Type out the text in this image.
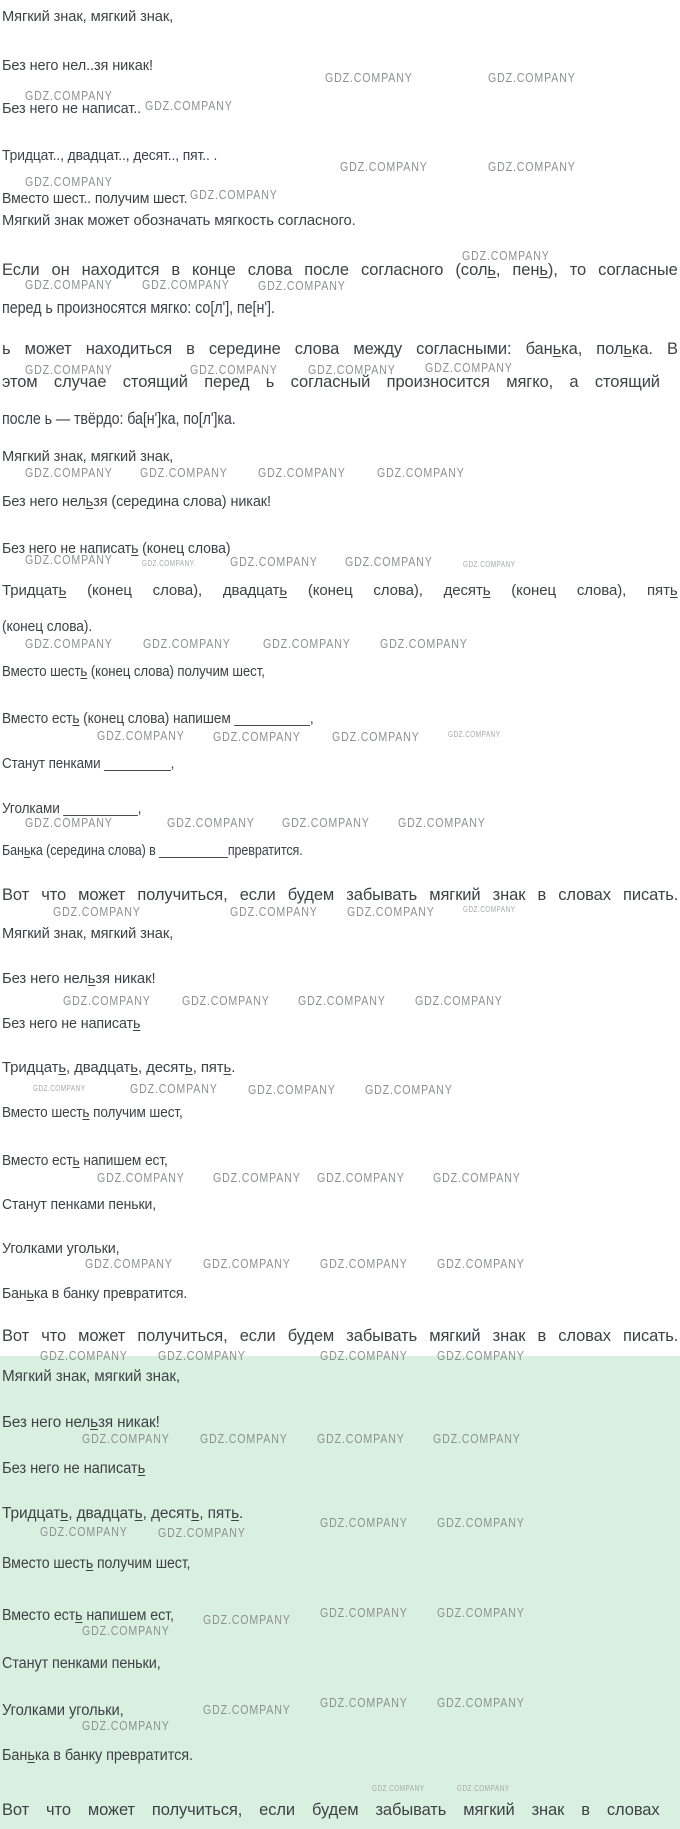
GDZ.COMPANY	GDZ.COMPANY
GDZ.COMPANY
GDZ.COMPANY
GDZ.COMPANY	GDZ.COMPANY
GDZ.COMPANY
GDZ.COMPANY
GDZ.COMPANY
GDZ.COMPANY GDZ.COMPANY GDZ.COMPANY
GDZ.COMPANY	GDZ.COMPANY GDZ.COMPANY GDZ.COMPANY
GDZ.COMPANY GDZ.COMPANY GDZ.COMPANY	GDZ.COMPANY
GDZ.COMPANY	GDZ.COMPANY	GDZ.COMPANY GDZ.COMPANY	GDZ.COMPANY
GDZ.COMPANY GDZ.COMPANY	GDZ.COMPANY GDZ.COMPANY
GDZ.COMPANY GDZ.COMPANY	GDZ.COMPANY	GDZ.COMPANY
GDZ.COMPANY	GDZ.COMPANY GDZ.COMPANY GDZ.COMPANY
GDZ.COMPANY	GDZ.COMPANY GDZ.COMPANY	GDZ.COMPANY
GDZ.COMPANY	GDZ.COMPANY GDZ.COMPANY GDZ.COMPANY
GDZ.COMPANY	GDZ.COMPANY GDZ.COMPANY GDZ.COMPANY
GDZ.COMPANY GDZ.COMPANY GDZ.COMPANY GDZ.COMPANY
GDZ.COMPANY GDZ.COMPANY GDZ.COMPANY GDZ.COMPANY
GDZ.COMPANY GDZ.COMPANY	GDZ.COMPANY GDZ.COMPANY
GDZ.COMPANY GDZ.COMPANY GDZ.COMPANY GDZ.COMPANY
GDZ.COMPANY GDZ.COMPANY
GDZ.COMPANY GDZ.COMPANY
GDZ.COMPANY GDZ.COMPANY GDZ.COMPANY
GDZ.COMPANY
GDZ.COMPANY GDZ.COMPANY GDZ.COMPANY
GDZ.COMPANY
GDZ.COMPANY	GDZ.COMPANY
Мягкий знак, мягкий знак,
Без него нел..зя никак!
Без него не написат..
Тридцат.., двадцат.., десят.., пят.. .
Вместо шест.. получим шест.
Мягкий знак может обозначать мягкость согласного.
Если он находится в конце слова после согласного (соль, пень), то согласные
перед ь произносятся мягко: со[л'], пе[н'].
ь может находиться в середине слова между согласными: банька, полька. В
этом случае стоящий перед ь согласный произносится мягко, а стоящий
после ь — твёрдо: ба[н']ка, по[л']ка.
Мягкий знак, мягкий знак,
Без него нельзя (середина слова) никак!
Без него не написать (конец слова)
Тридцать (конец слова), двадцать (конец слова), десять (конец слова), пять
(конец слова).
Вместо шесть (конец слова) получим шест,
Вместо есть (конец слова) напишем __________,
Станут пенками _________,
Уголками __________,
Банька (середина слова) в __________превратится.
Вот что может получиться, если будем забывать мягкий знак в словах писать.
Мягкий знак, мягкий знак,
Без него нельзя никак!
Без него не написать
Тридцать, двадцать, десять, пять.
Вместо шесть получим шест,
Вместо есть напишем ест,
Станут пенками пеньки,
Уголками угольки,
Банька в банку превратится.
Вот что может получиться, если будем забывать мягкий знак в словах писать.
Мягкий знак, мягкий знак,
Без него нельзя никак!
Без него не написать
Тридцать, двадцать, десять, пять.
Вместо шесть получим шест,
Вместо есть напишем ест,
Станут пенками пеньки,
Уголками угольки,
Банька в банку превратится.
Вот что может получиться, если будем забывать мягкий знак в словах
